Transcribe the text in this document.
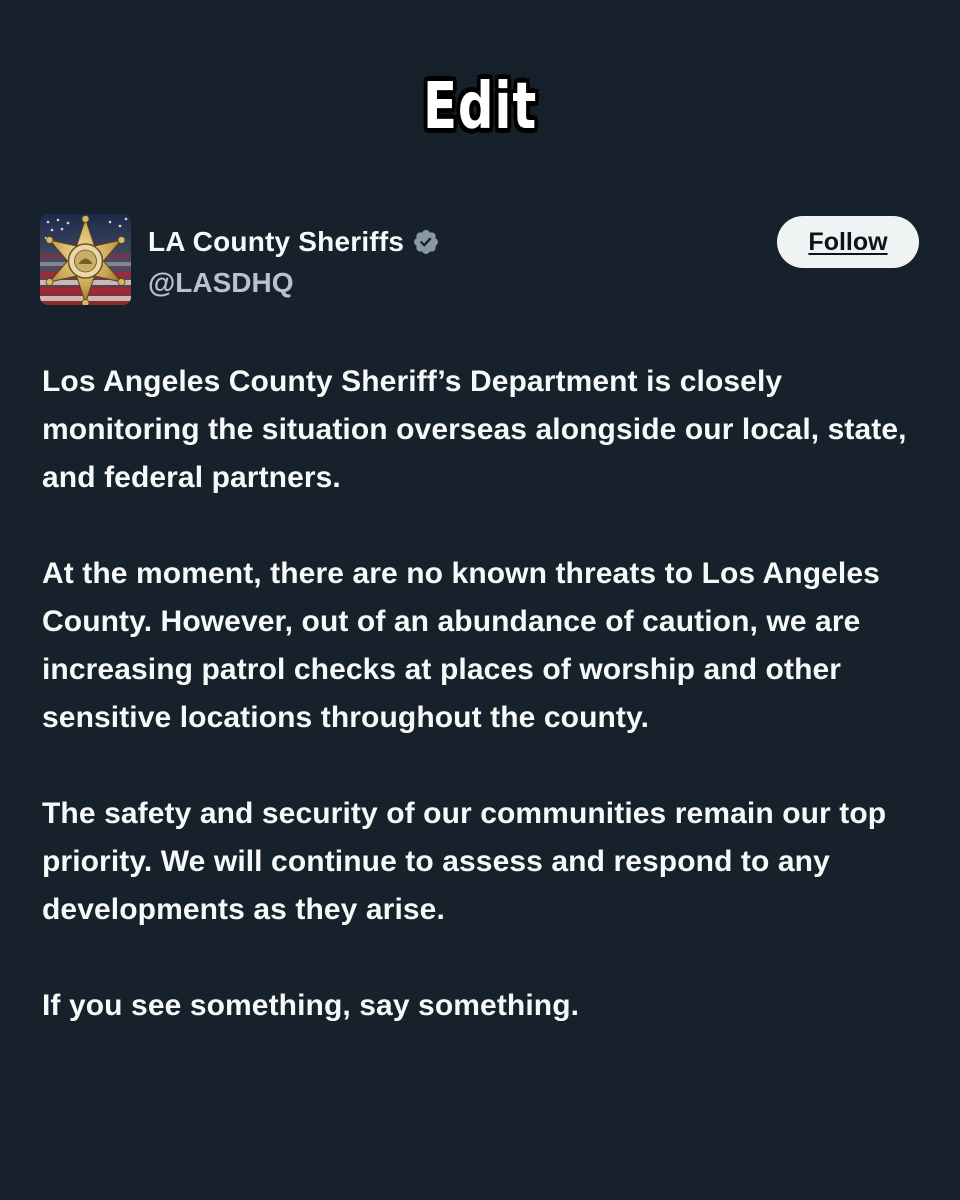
Edit
LA County Sheriffs
@LASDHQ
Follow

Los Angeles County Sheriff’s Department is closely monitoring the situation overseas alongside our local, state, and federal partners.

At the moment, there are no known threats to Los Angeles County. However, out of an abundance of caution, we are increasing patrol checks at places of worship and other sensitive locations throughout the county.

The safety and security of our communities remain our top priority. We will continue to assess and respond to any developments as they arise.

If you see something, say something.
